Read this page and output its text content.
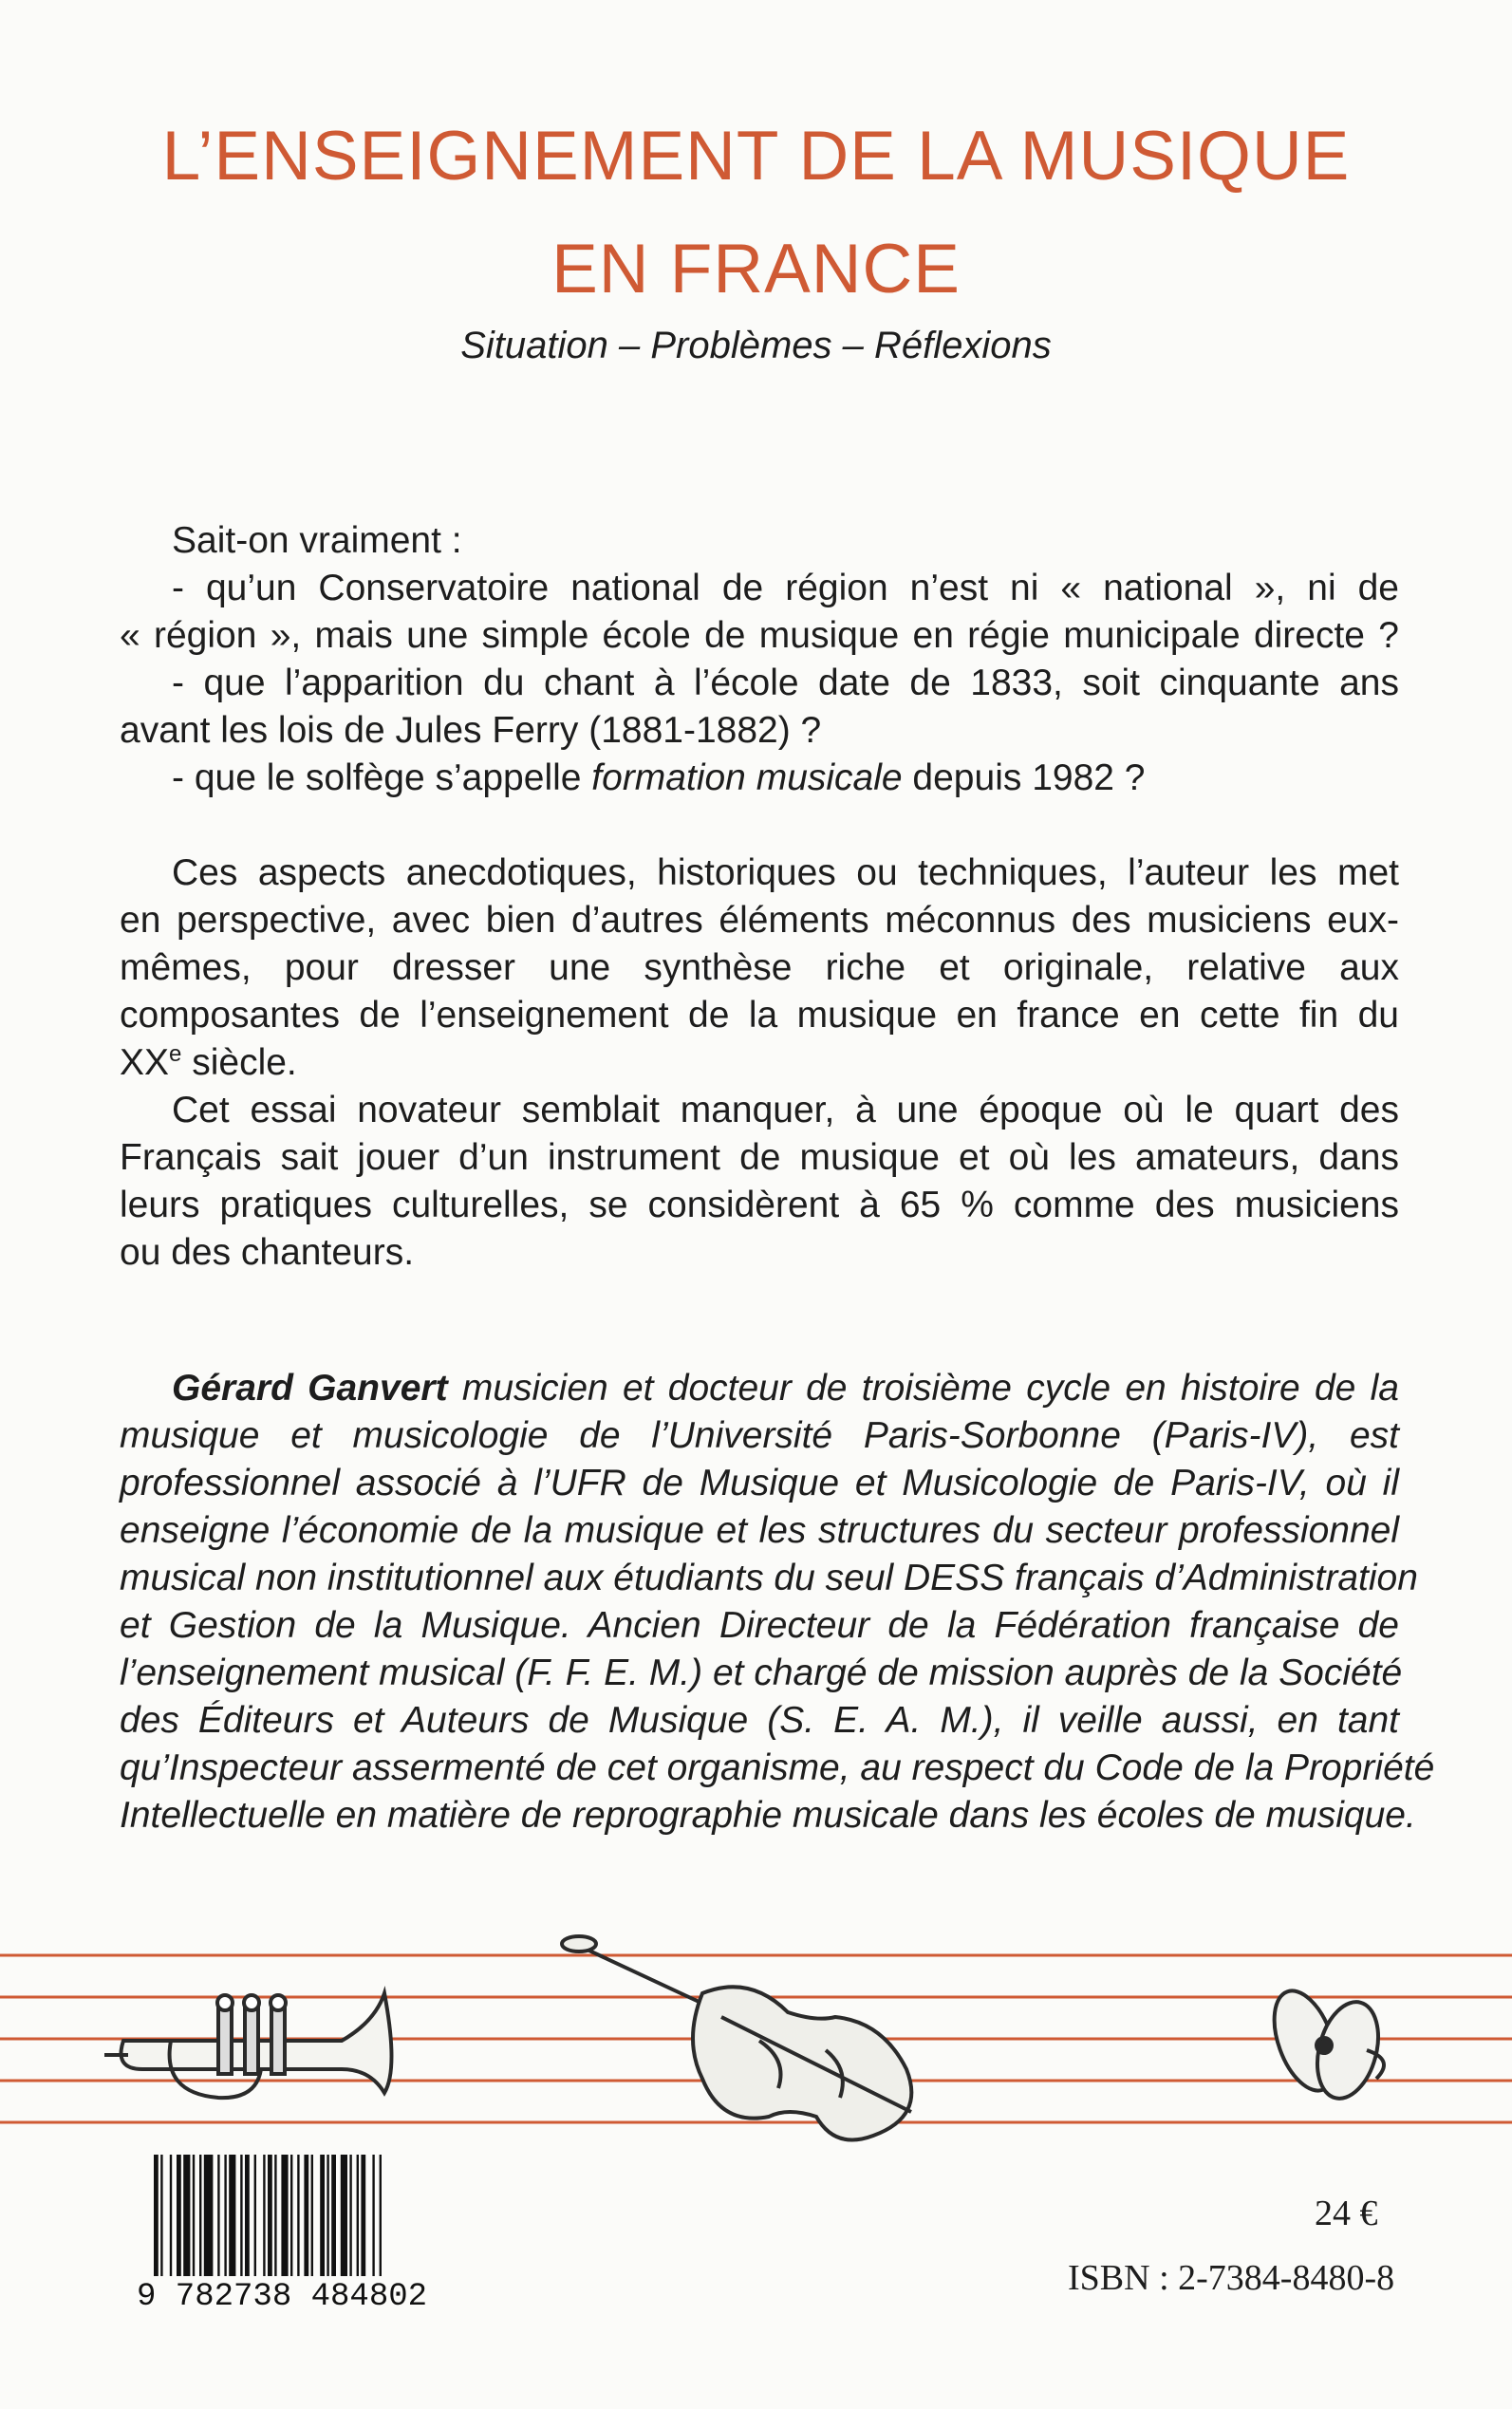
L’ENSEIGNEMENT DE LA MUSIQUE
EN FRANCE
Situation – Problèmes – Réflexions
Sait-on vraiment :
- qu’un Conservatoire national de région n’est ni « national », ni de
« région », mais une simple école de musique en régie municipale directe ?
- que l’apparition du chant à l’école date de 1833, soit cinquante ans
avant les lois de Jules Ferry (1881-1882) ?
- que le solfège s’appelle formation musicale depuis 1982 ?
Ces aspects anecdotiques, historiques ou techniques, l’auteur les met
en perspective, avec bien d’autres éléments méconnus des musiciens eux-
mêmes, pour dresser une synthèse riche et originale, relative aux
composantes de l’enseignement de la musique en france en cette fin du
XXe siècle.
Cet essai novateur semblait manquer, à une époque où le quart des
Français sait jouer d’un instrument de musique et où les amateurs, dans
leurs pratiques culturelles, se considèrent à 65 % comme des musiciens
ou des chanteurs.
Gérard Ganvert musicien et docteur de troisième cycle en histoire de la
musique et musicologie de l’Université Paris-Sorbonne (Paris-IV), est
professionnel associé à l’UFR de Musique et Musicologie de Paris-IV, où il
enseigne l’économie de la musique et les structures du secteur professionnel
musical non institutionnel aux étudiants du seul DESS français d’Administration
et Gestion de la Musique. Ancien Directeur de la Fédération française de
l’enseignement musical (F. F. E. M.) et chargé de mission auprès de la Société
des Éditeurs et Auteurs de Musique (S. E. A. M.), il veille aussi, en tant
qu’Inspecteur assermenté de cet organisme, au respect du Code de la Propriété
Intellectuelle en matière de reprographie musicale dans les écoles de musique.
9 782738 484802
24 €
ISBN : 2-7384-8480-8
